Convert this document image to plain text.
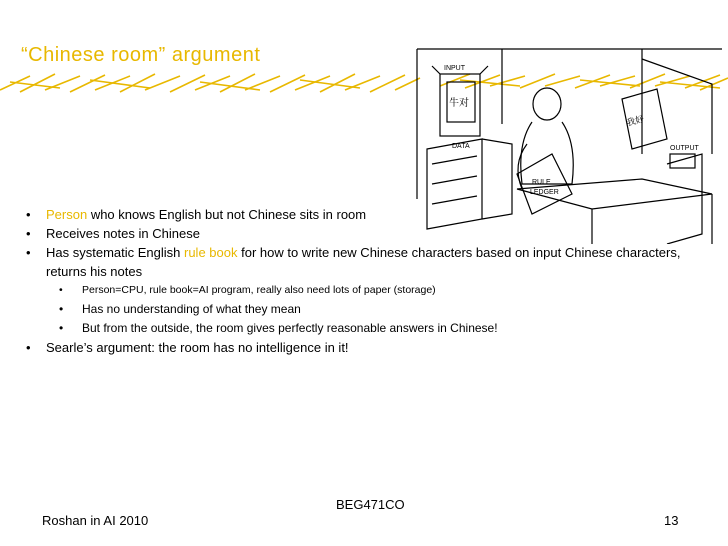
“Chinese room” argument
INPUT
DATA	OUTPUT
RULE
LEDGER
牛对
我好
• Person who knows English but not Chinese sits in room
• Receives notes in Chinese
• Has systematic English rule book for how to write new Chinese characters based on input Chinese characters, returns his notes
• Person=CPU, rule book=AI program, really also need lots of paper (storage)
• Has no understanding of what they mean
• But from the outside, the room gives perfectly reasonable answers in Chinese!
• Searle’s argument: the room has no intelligence in it!
BEG471CO
Roshan in AI 2010	13
